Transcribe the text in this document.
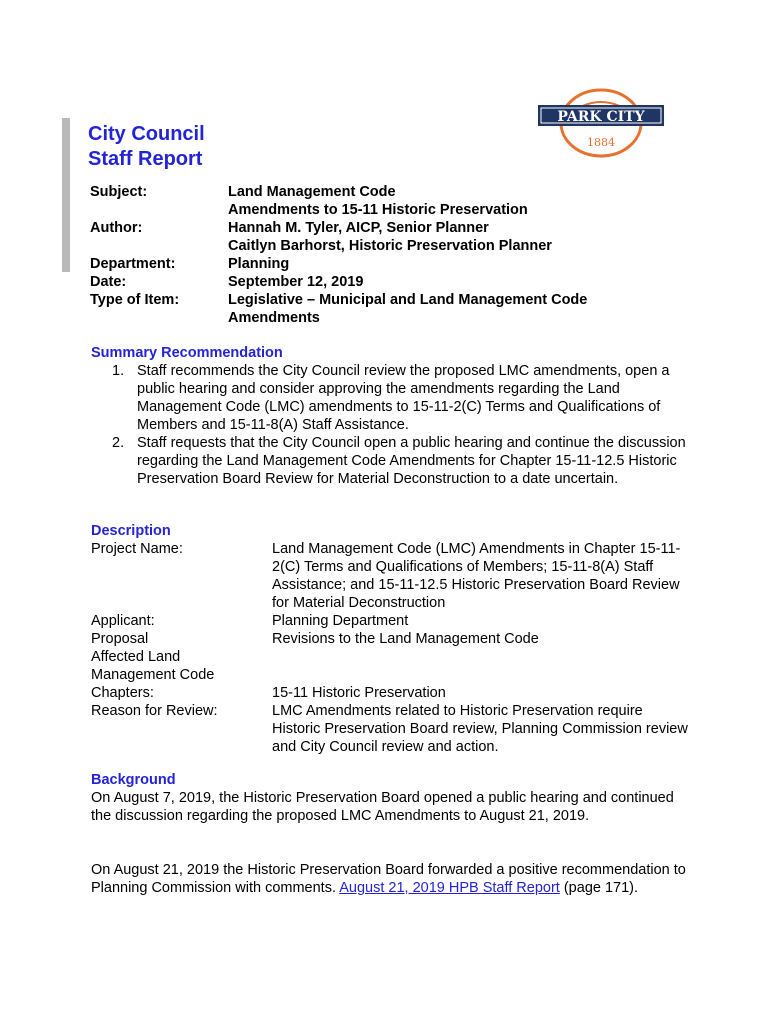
City Council
Staff Report
PARK CITY
1884
Subject:	Land Management Code
Amendments to 15-11 Historic Preservation
Author:	Hannah M. Tyler, AICP, Senior Planner
Caitlyn Barhorst, Historic Preservation Planner
Department:	Planning
Date:	September 12, 2019
Type of Item:	Legislative – Municipal and Land Management Code
Amendments
Summary Recommendation

1. Staff recommends the City Council review the proposed LMC amendments, open a public hearing and consider approving the amendments regarding the Land Management Code (LMC) amendments to 15-11-2(C) Terms and Qualifications of Members and 15-11-8(A) Staff Assistance.

2. Staff requests that the City Council open a public hearing and continue the discussion regarding the Land Management Code Amendments for Chapter 15-11-12.5 Historic Preservation Board Review for Material Deconstruction to a date uncertain.

Description
Project Name:	Land Management Code (LMC) Amendments in Chapter 15-11-2(C) Terms and Qualifications of Members; 15-11-8(A) Staff Assistance; and 15-11-12.5 Historic Preservation Board Review for Material Deconstruction
Applicant:	Planning Department
Proposal	Revisions to the Land Management Code
Affected Land Management Code Chapters:	15-11 Historic Preservation
Reason for Review:	LMC Amendments related to Historic Preservation require Historic Preservation Board review, Planning Commission review and City Council review and action.
Background

On August 7, 2019, the Historic Preservation Board opened a public hearing and continued the discussion regarding the proposed LMC Amendments to August 21, 2019.

On August 21, 2019 the Historic Preservation Board forwarded a positive recommendation to Planning Commission with comments. August 21, 2019 HPB Staff Report (page 171).
